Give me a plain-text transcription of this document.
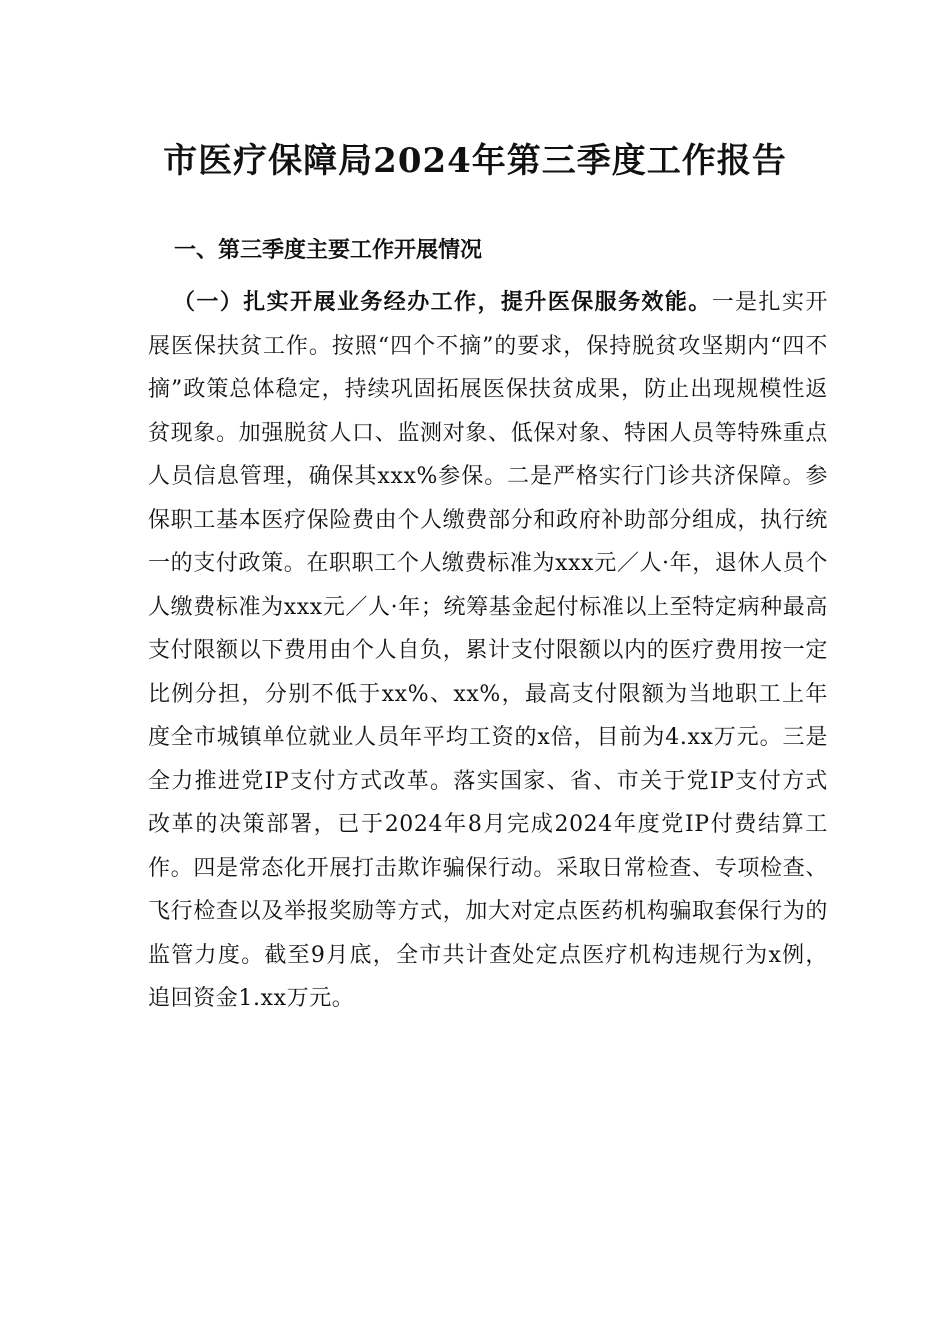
市医疗保障局2024年第三季度工作报告
一、第三季度主要工作开展情况

（一）扎实开展业务经办工作，提升医保服务效能。一是扎实开展医保扶贫工作。按照“四个不摘”的要求，保持脱贫攻坚期内“四不摘”政策总体稳定，持续巩固拓展医保扶贫成果，防止出现规模性返贫现象。加强脱贫人口、监测对象、低保对象、特困人员等特殊重点人员信息管理，确保其xxx%参保。二是严格实行门诊共济保障。参保职工基本医疗保险费由个人缴费部分和政府补助部分组成，执行统一的支付政策。在职职工个人缴费标准为xxx元／人·年，退休人员个人缴费标准为xxx元／人·年；统筹基金起付标准以上至特定病种最高支付限额以下费用由个人自负，累计支付限额以内的医疗费用按一定比例分担，分别不低于xx%、xx%，最高支付限额为当地职工上年度全市城镇单位就业人员年平均工资的x倍，目前为4.xx万元。三是全力推进党IP支付方式改革。落实国家、省、市关于党IP支付方式改革的决策部署，已于2024年8月完成2024年度党IP付费结算工作。四是常态化开展打击欺诈骗保行动。采取日常检查、专项检查、飞行检查以及举报奖励等方式，加大对定点医药机构骗取套保行为的监管力度。截至9月底，全市共计查处定点医疗机构违规行为x例，追回资金1.xx万元。
